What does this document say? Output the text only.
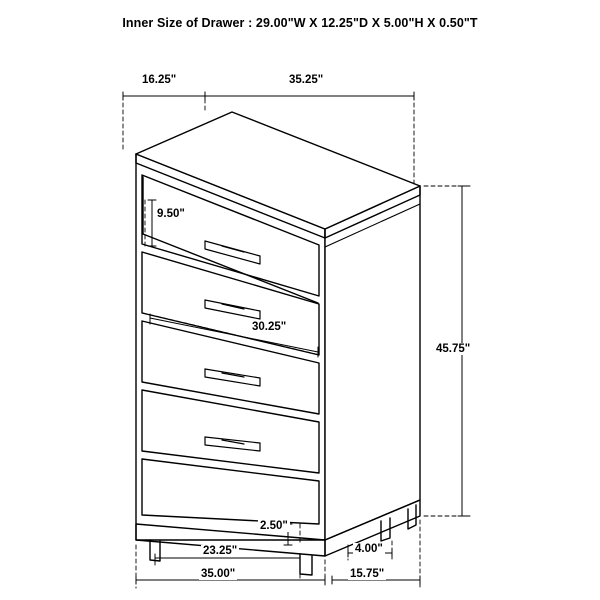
Inner Size of Drawer : 29.00"W X 12.25"D X 5.00"H X 0.50"T
16.25"	35.25"
9.50"
30.25"
45.75"
2.50"
23.25"	4.00"
35.00"	15.75"
